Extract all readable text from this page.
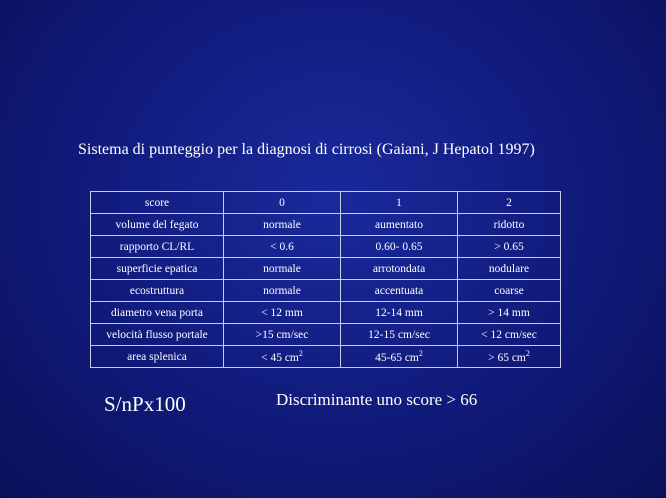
Sistema di punteggio per la diagnosi di cirrosi (Gaiani, J Hepatol 1997)
score	0	1	2
volume del fegato	normale	aumentato	ridotto
rapporto CL/RL	< 0.6	0.60- 0.65	> 0.65
superficie epatica	normale	arrotondata	nodulare
ecostruttura	normale	accentuata	coarse
diametro vena porta	< 12 mm	12-14 mm	> 14 mm
velocità flusso portale	>15 cm/sec	12-15 cm/sec	< 12 cm/sec
area splenica	< 45 $cm^2$	45-65 $cm^2$	> 65 $cm^2$
S/nPx100	Discriminante uno score > 66
